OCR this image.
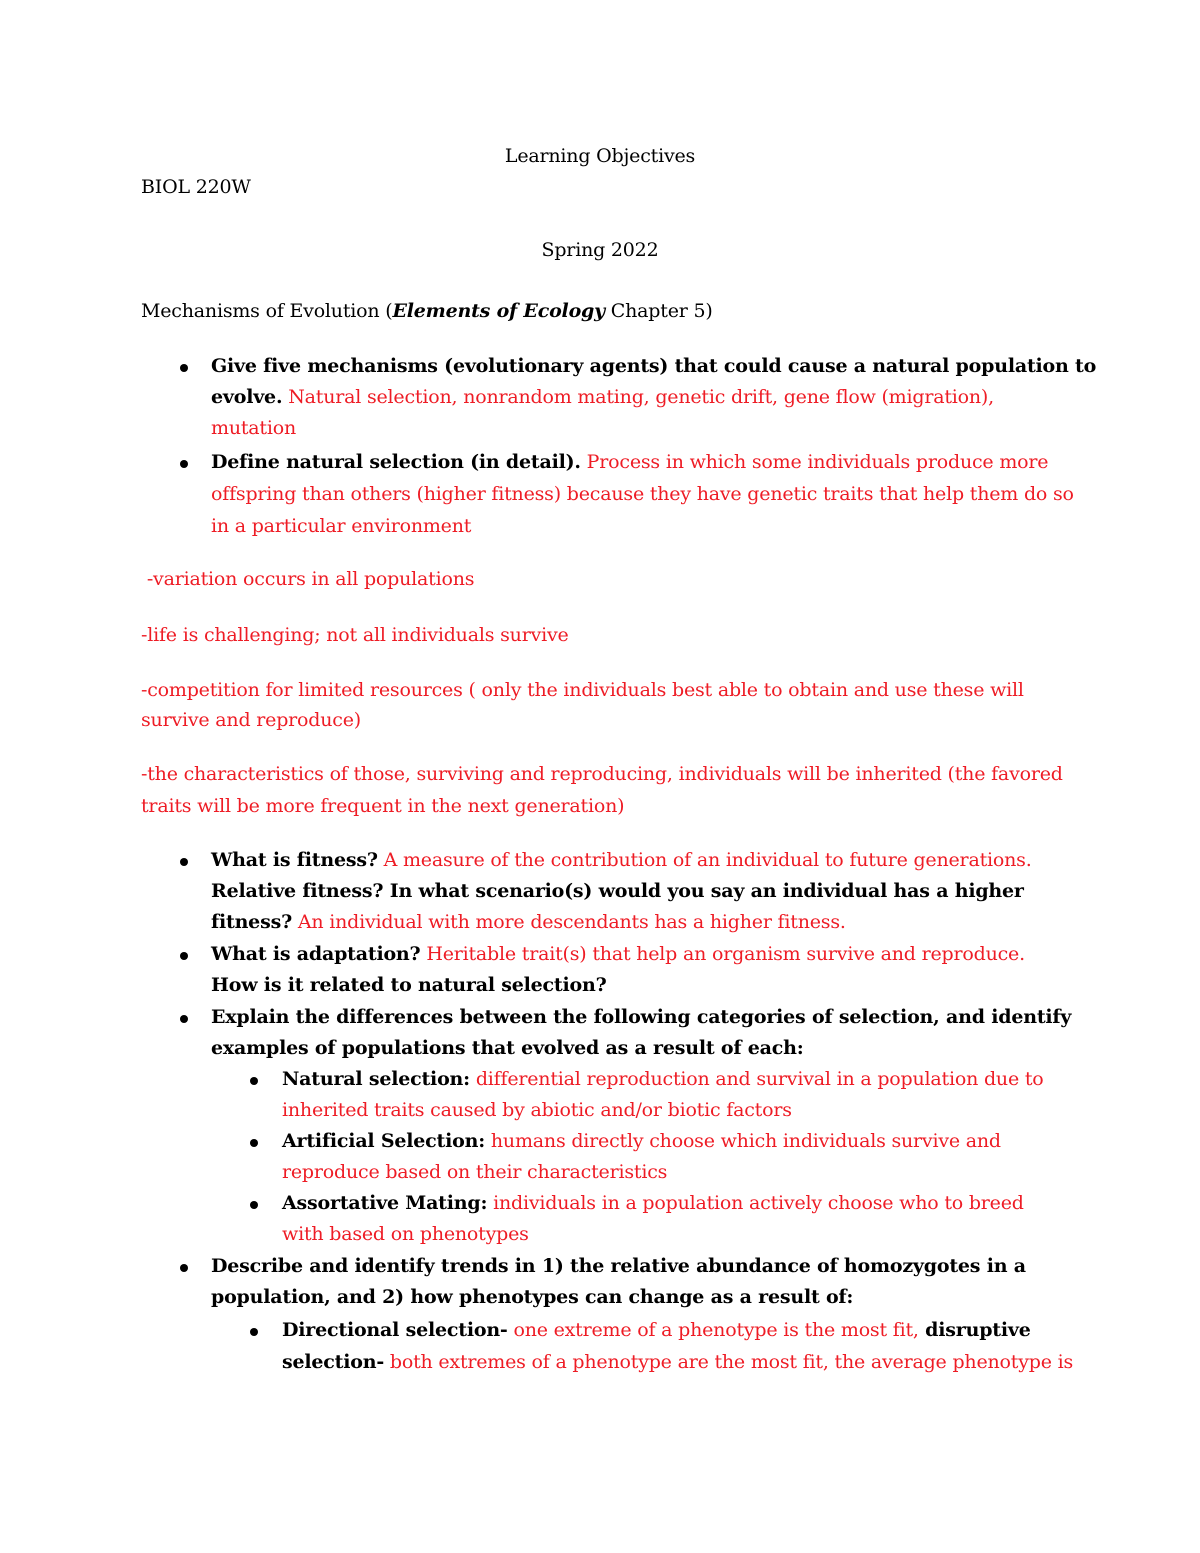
Learning Objectives
BIOL 220W
Spring 2022
Mechanisms of Evolution (Elements of Ecology Chapter 5)
Give five mechanisms (evolutionary agents) that could cause a natural population to
evolve. Natural selection, nonrandom mating, genetic drift, gene flow (migration),
mutation
Define natural selection (in detail). Process in which some individuals produce more
offspring than others (higher fitness) because they have genetic traits that help them do so
in a particular environment
-variation occurs in all populations
-life is challenging; not all individuals survive
-competition for limited resources ( only the individuals best able to obtain and use these will
survive and reproduce)
-the characteristics of those, surviving and reproducing, individuals will be inherited (the favored
traits will be more frequent in the next generation)
What is fitness? A measure of the contribution of an individual to future generations.
Relative fitness? In what scenario(s) would you say an individual has a higher
fitness? An individual with more descendants has a higher fitness.
What is adaptation? Heritable trait(s) that help an organism survive and reproduce.
How is it related to natural selection?
Explain the differences between the following categories of selection, and identify
examples of populations that evolved as a result of each:
Natural selection: differential reproduction and survival in a population due to
inherited traits caused by abiotic and/or biotic factors
Artificial Selection: humans directly choose which individuals survive and
reproduce based on their characteristics
Assortative Mating: individuals in a population actively choose who to breed
with based on phenotypes
Describe and identify trends in 1) the relative abundance of homozygotes in a
population, and 2) how phenotypes can change as a result of:
Directional selection- one extreme of a phenotype is the most fit, disruptive
selection- both extremes of a phenotype are the most fit, the average phenotype is
